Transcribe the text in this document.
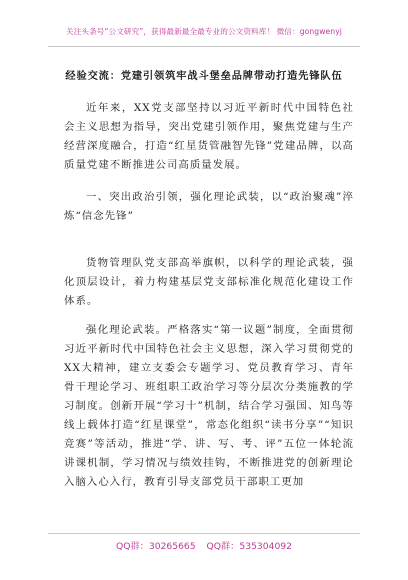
关注头条号“公文研究”，获得最新最全最专业的公文资料库！ 微信：gongwenyj
经验交流：党建引领筑牢战斗堡垒品牌带动打造先锋队伍

近年来，XX党支部坚持以习近平新时代中国特色社会主义思想为指导，突出党建引领作用，聚焦党建与生产经营深度融合，打造“红星货管融智先锋”党建品牌，以高质量党建不断推进公司高质量发展。

一、突出政治引领，强化理论武装，以“政治聚魂”淬炼“信念先锋”

货物管理队党支部高举旗帜，以科学的理论武装，强化顶层设计，着力构建基层党支部标准化规范化建设工作体系。

强化理论武装。严格落实“第一议题”制度，全面贯彻习近平新时代中国特色社会主义思想，深入学习贯彻党的XX大精神，建立支委会专题学习、党员教育学习、青年骨干理论学习、班组职工政治学习等分层次分类施教的学习制度。创新开展“学习十”机制，结合学习强国、知鸟等线上载体打造“红星课堂”，常态化组织“读书分享”“知识竞赛”等活动，推进“学、讲、写、考、评”五位一体轮流讲课机制，学习情况与绩效挂钩，不断推进党的创新理论入脑入心入行，教育引导支部党员干部职工更加

QQ群：30265665 QQ群：535304092
